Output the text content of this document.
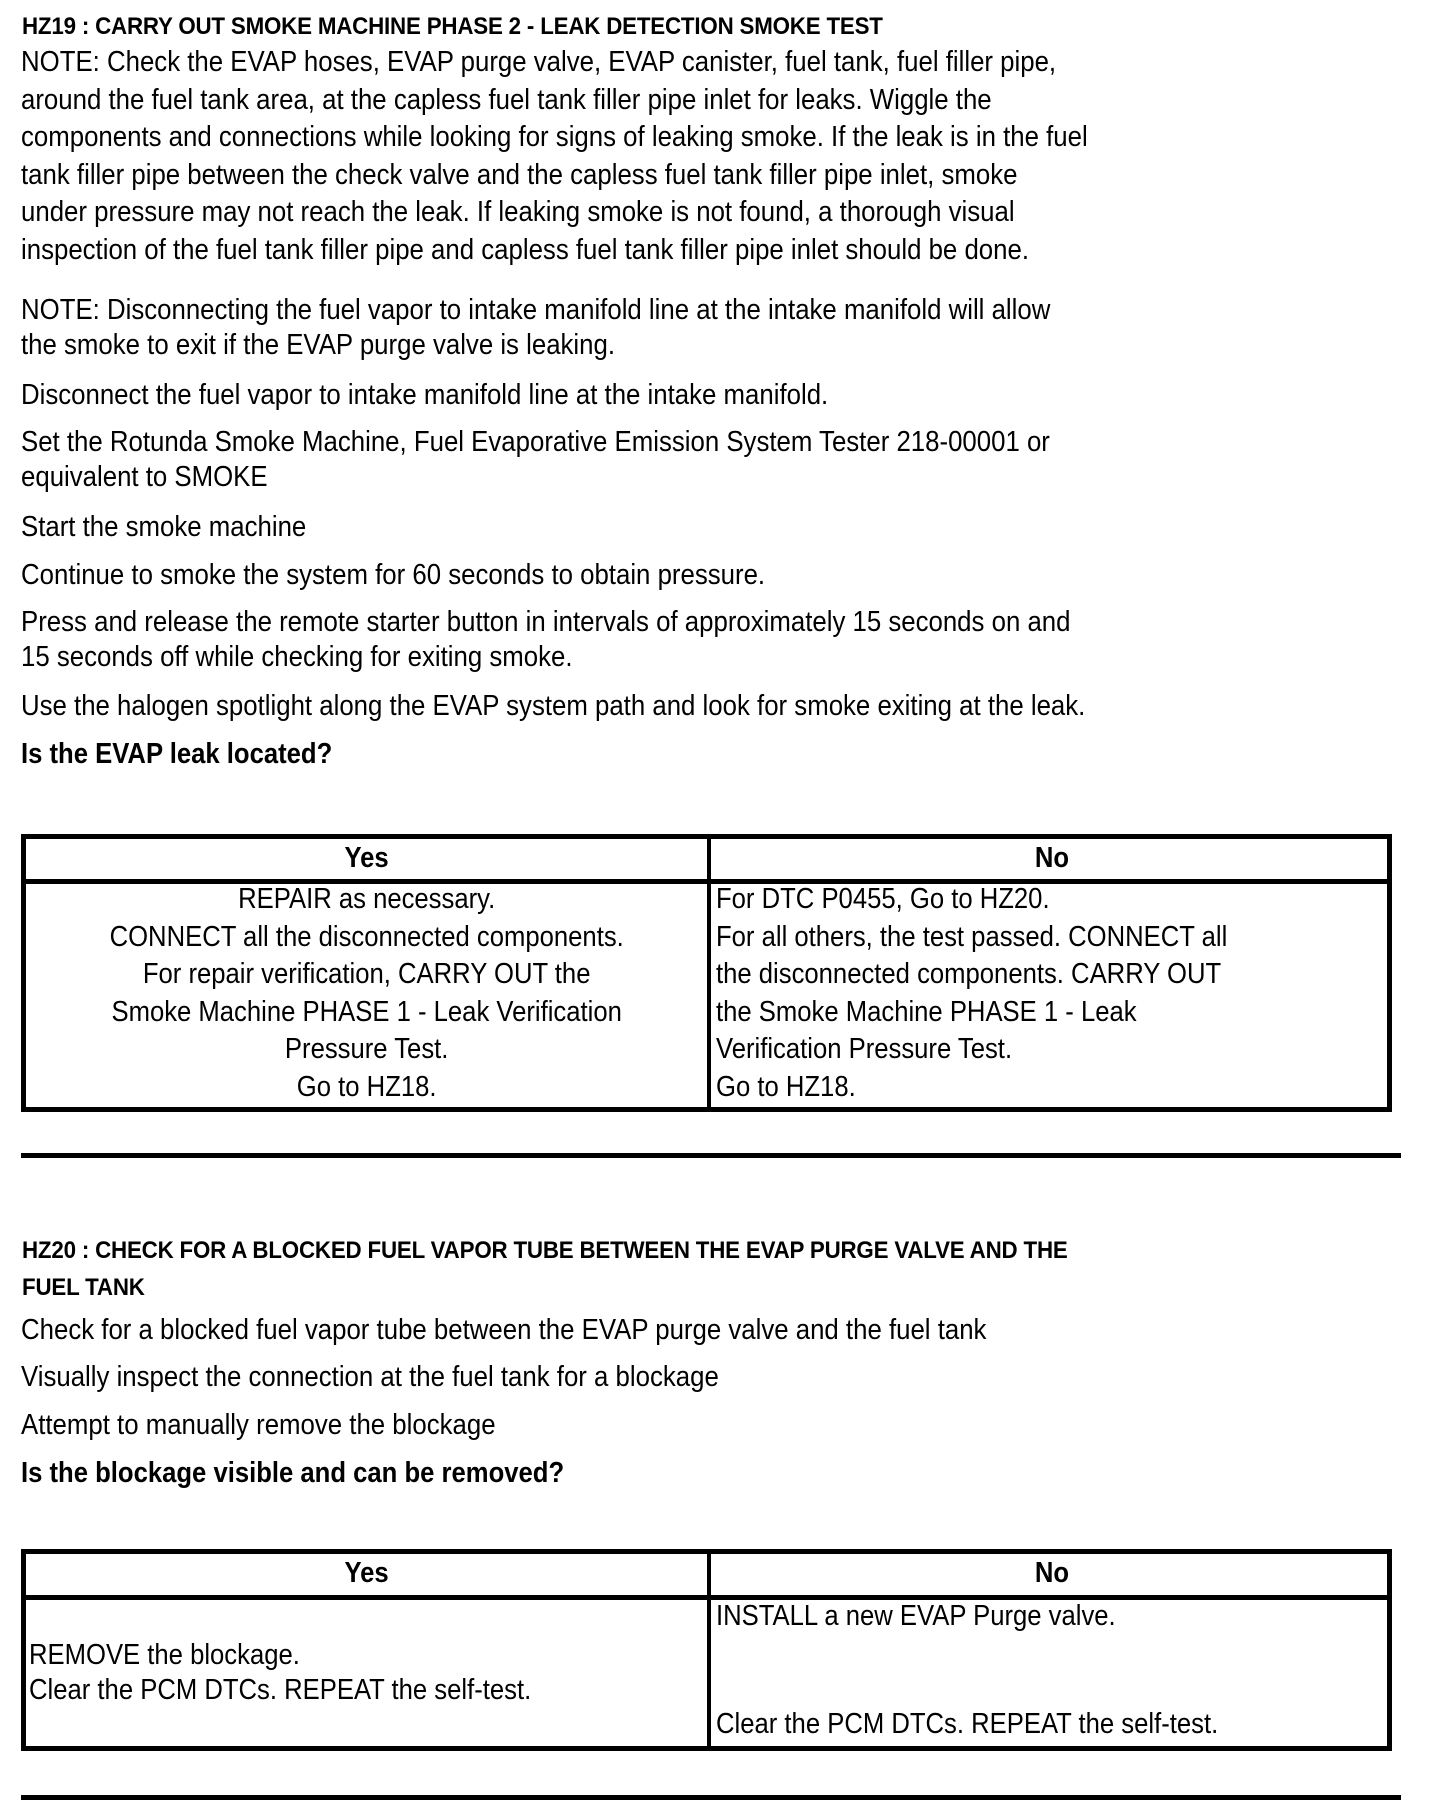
HZ19 : CARRY OUT SMOKE MACHINE PHASE 2 - LEAK DETECTION SMOKE TEST
NOTE: Check the EVAP hoses, EVAP purge valve, EVAP canister, fuel tank, fuel filler pipe,
around the fuel tank area, at the capless fuel tank filler pipe inlet for leaks. Wiggle the
components and connections while looking for signs of leaking smoke. If the leak is in the fuel
tank filler pipe between the check valve and the capless fuel tank filler pipe inlet, smoke
under pressure may not reach the leak. If leaking smoke is not found, a thorough visual
inspection of the fuel tank filler pipe and capless fuel tank filler pipe inlet should be done.
NOTE: Disconnecting the fuel vapor to intake manifold line at the intake manifold will allow
the smoke to exit if the EVAP purge valve is leaking.
Disconnect the fuel vapor to intake manifold line at the intake manifold.
Set the Rotunda Smoke Machine, Fuel Evaporative Emission System Tester 218-00001 or
equivalent to SMOKE
Start the smoke machine
Continue to smoke the system for 60 seconds to obtain pressure.
Press and release the remote starter button in intervals of approximately 15 seconds on and
15 seconds off while checking for exiting smoke.
Use the halogen spotlight along the EVAP system path and look for smoke exiting at the leak.
Is the EVAP leak located?
Yes	No
REPAIR as necessary.
CONNECT all the disconnected components.
For repair verification, CARRY OUT the
Smoke Machine PHASE 1 - Leak Verification
Pressure Test.
Go to HZ18.
For DTC P0455, Go to HZ20.
For all others, the test passed. CONNECT all
the disconnected components. CARRY OUT
the Smoke Machine PHASE 1 - Leak
Verification Pressure Test.
Go to HZ18.
HZ20 : CHECK FOR A BLOCKED FUEL VAPOR TUBE BETWEEN THE EVAP PURGE VALVE AND THE
FUEL TANK
Check for a blocked fuel vapor tube between the EVAP purge valve and the fuel tank
Visually inspect the connection at the fuel tank for a blockage
Attempt to manually remove the blockage
Is the blockage visible and can be removed?
Yes	No
REMOVE the blockage.
Clear the PCM DTCs. REPEAT the self-test.
INSTALL a new EVAP Purge valve.
Clear the PCM DTCs. REPEAT the self-test.
